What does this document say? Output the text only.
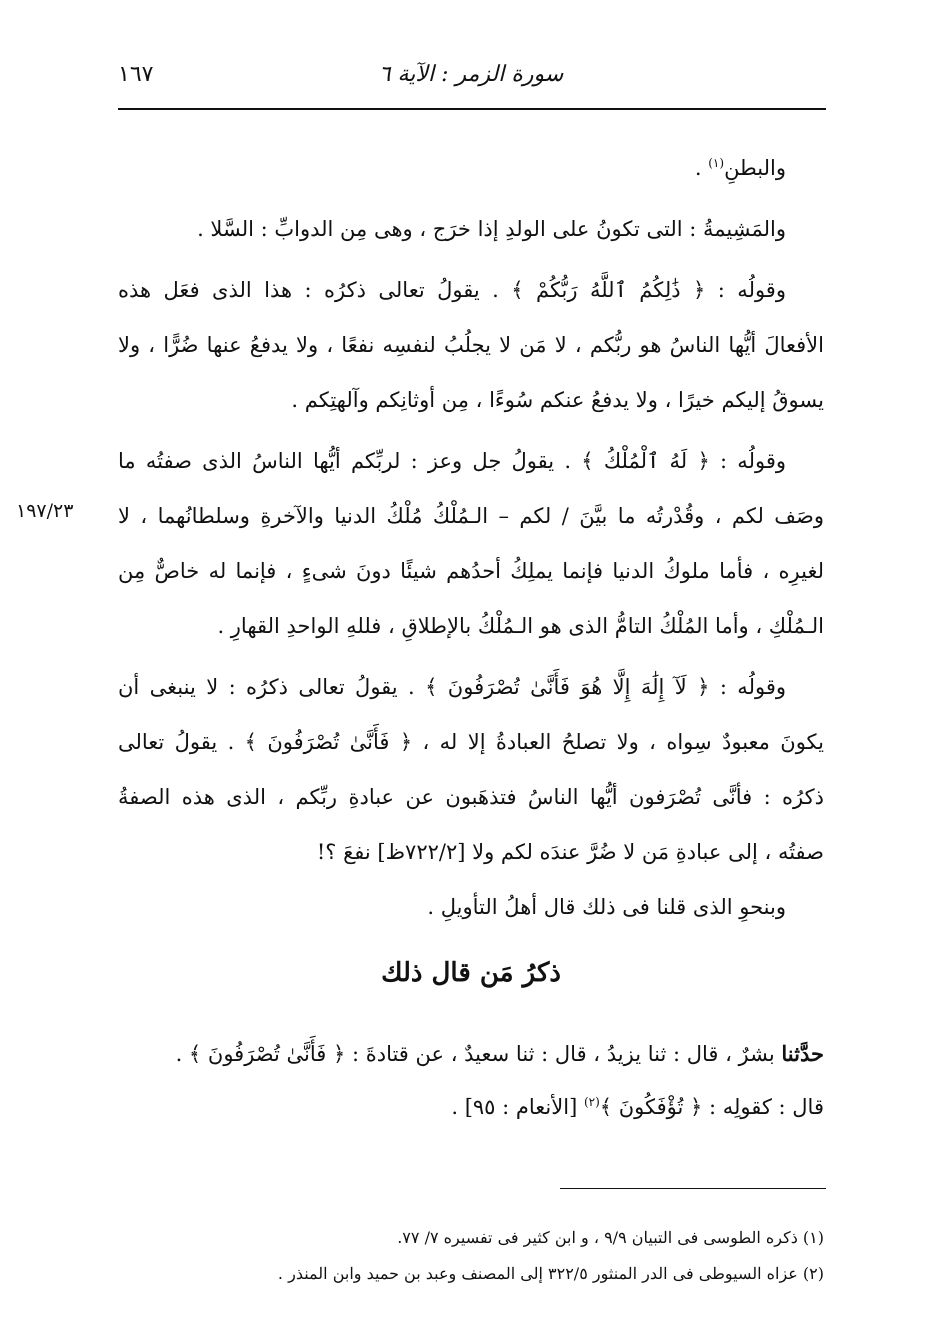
١٦٧	سورة الزمر : الآية ٦

والبطنِ$^{(١)}$ .

والمَشِيمةُ : التى تكونُ على الولدِ إذا خرَج ، وهى مِن الدوابِّ : السَّلا .

وقولُه : ﴿ ذَٰلِكُمُ ٱللَّهُ رَبُّكُمْ ﴾ . يقولُ تعالى ذكرُه : هذا الذى فعَل هذه
الأفعالَ أيُّها الناسُ هو ربُّكم ، لا مَن لا يجلُبُ لنفسِه نفعًا ، ولا يدفعُ عنها ضُرًّا ، ولا
يسوقُ إليكم خيرًا ، ولا يدفعُ عنكم سُوءًا ، مِن أوثانِكم وآلهتِكم .

وقولُه : ﴿ لَهُ ٱلْمُلْكُ ﴾ . يقولُ جل وعز : لربِّكم أيُّها الناسُ الذى صفتُه ما
وصَف لكم ، وقُدْرتُه ما بيَّنَ / لكم – الـمُلْكُ مُلْكُ الدنيا والآخرةِ وسلطانُهما ، لا
لغيرِه ، فأما ملوكُ الدنيا فإنما يملِكُ أحدُهم شيئًا دونَ شىءٍ ، فإنما له خاصٌّ مِن
الـمُلْكِ ، وأما المُلْكُ التامُّ الذى هو الـمُلْكُ بالإطلاقِ ، فللهِ الواحدِ القهارِ .

وقولُه : ﴿ لَآ إِلَٰهَ إِلَّا هُوَ فَأَنَّىٰ تُصْرَفُونَ ﴾ . يقولُ تعالى ذكرُه : لا ينبغى أن
يكونَ معبودٌ سِواه ، ولا تصلحُ العبادةُ إلا له ، ﴿ فَأَنَّىٰ تُصْرَفُونَ ﴾ . يقولُ تعالى
ذكرُه : فأنَّى تُصْرَفون أيُّها الناسُ فتذهَبون عن عبادةِ ربِّكم ، الذى هذه الصفةُ
صفتُه ، إلى عبادةِ مَن لا ضُرَّ عندَه لكم ولا [٧٢٢/٢ظ] نفعَ ؟!

وبنحوِ الذى قلنا فى ذلك قال أهلُ التأويلِ .

١٩٧/٢٣
ذكرُ مَن قال ذلك
حدَّثنا بشرٌ ، قال : ثنا يزيدُ ، قال : ثنا سعيدٌ ، عن قتادةَ : ﴿ فَأَنَّىٰ تُصْرَفُونَ ﴾ .
قال : كقولِه : ﴿ تُؤْفَكُونَ ﴾$^{(٢)}$ [الأنعام : ٩٥] .

(١) ذكره الطوسى فى التبيان ٩/٩ ، و ابن كثير فى تفسيره ٧/ ٧٧.

(٢) عزاه السيوطى فى الدر المنثور ٣٢٢/٥ إلى المصنف وعبد بن حميد وابن المنذر .
